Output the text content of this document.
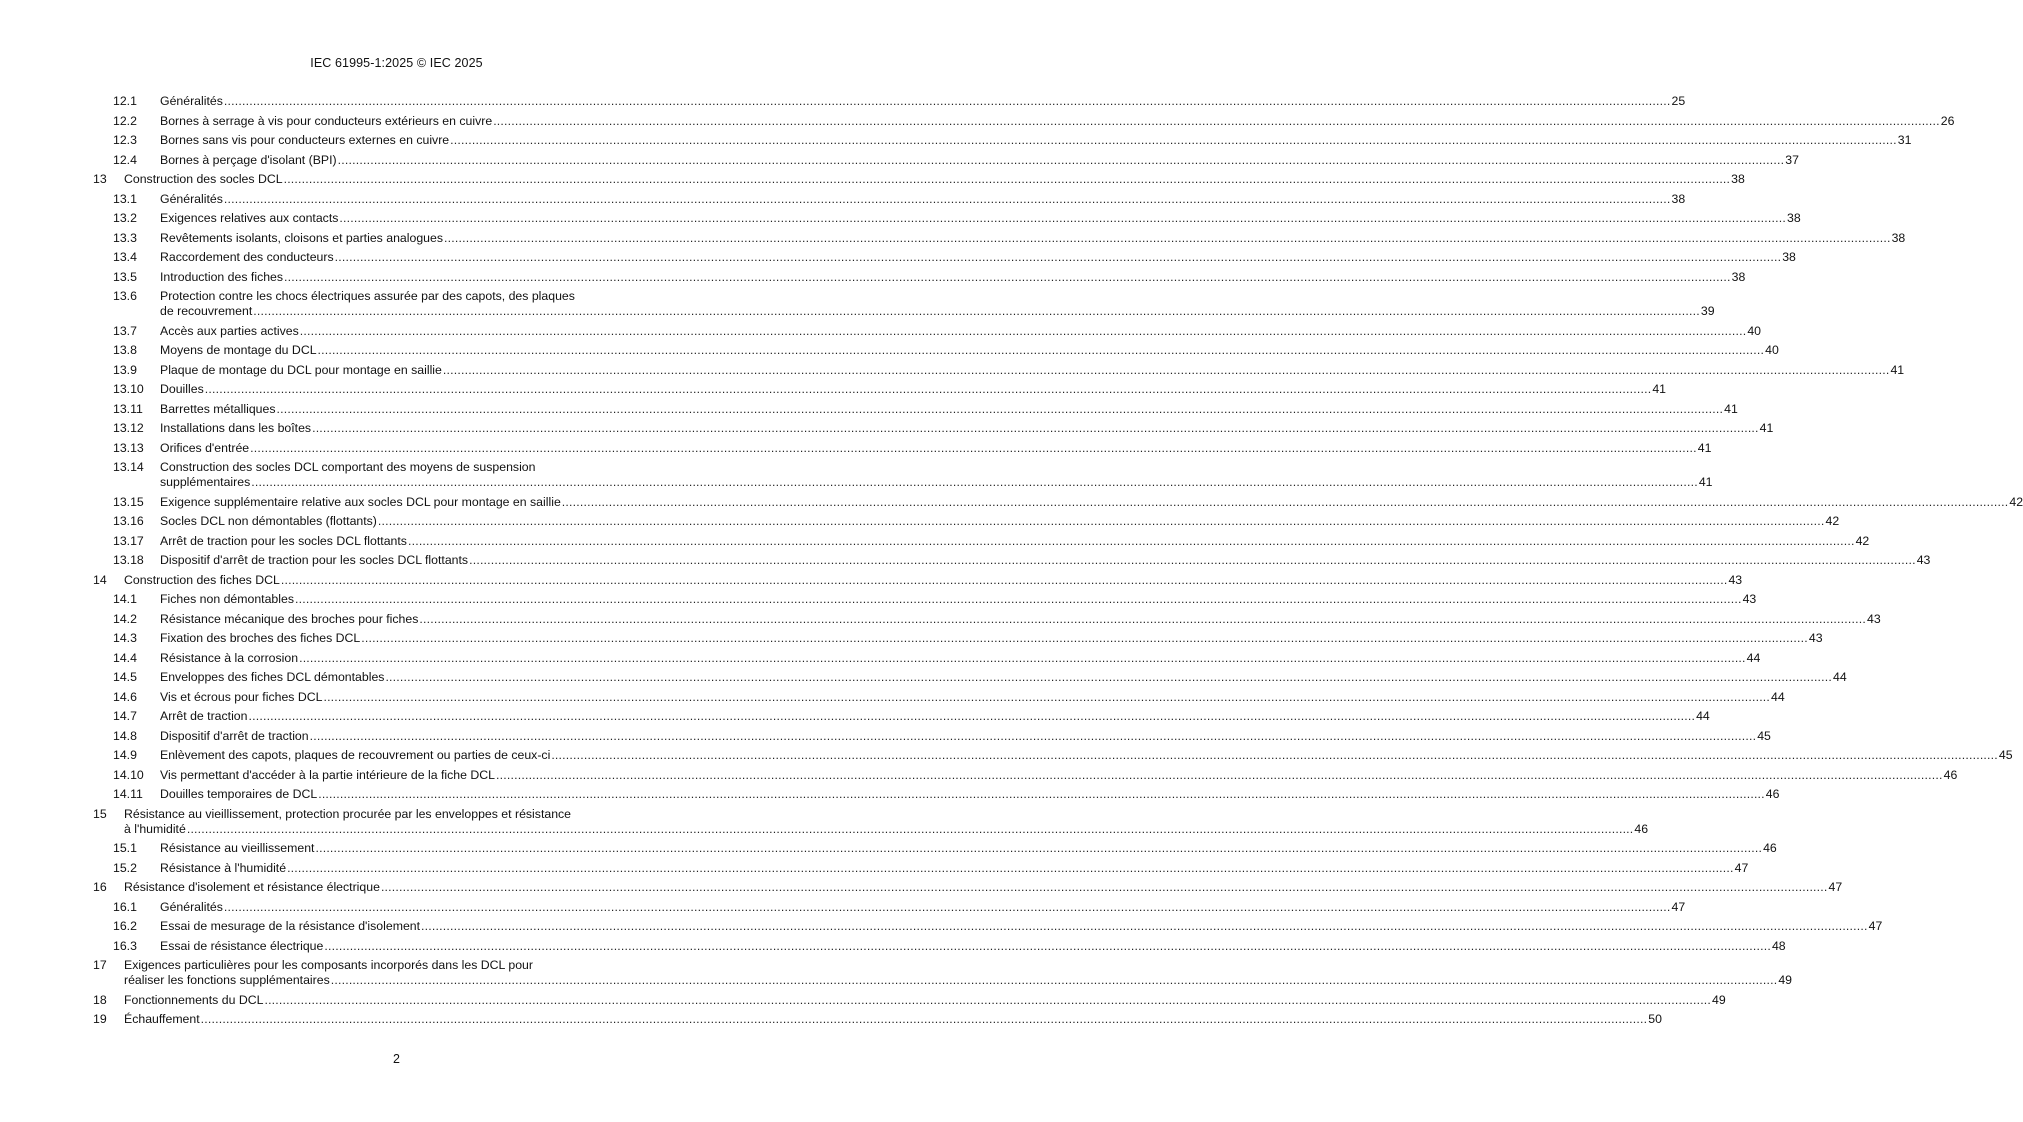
IEC 61995-1:2025 © IEC 2025
12.1 Généralités ................................................................................................................................................................................................................................................................................................................................................................................................................ 25
12.2 Bornes à serrage à vis pour conducteurs extérieurs en cuivre ................................................................................................................................................................................................................................................................................................................................................................................................................ 26
12.3 Bornes sans vis pour conducteurs externes en cuivre ................................................................................................................................................................................................................................................................................................................................................................................................................ 31
12.4 Bornes à perçage d'isolant (BPI) ................................................................................................................................................................................................................................................................................................................................................................................................................ 37
13 Construction des socles DCL ................................................................................................................................................................................................................................................................................................................................................................................................................ 38
13.1 Généralités ................................................................................................................................................................................................................................................................................................................................................................................................................ 38
13.2 Exigences relatives aux contacts ................................................................................................................................................................................................................................................................................................................................................................................................................ 38
13.3 Revêtements isolants, cloisons et parties analogues ................................................................................................................................................................................................................................................................................................................................................................................................................ 38
13.4 Raccordement des conducteurs ................................................................................................................................................................................................................................................................................................................................................................................................................ 38
13.5 Introduction des fiches ................................................................................................................................................................................................................................................................................................................................................................................................................ 38
13.6 Protection contre les chocs électriques assurée par des capots, des plaques
de recouvrement ................................................................................................................................................................................................................................................................................................................................................................................................................ 39
13.7 Accès aux parties actives ................................................................................................................................................................................................................................................................................................................................................................................................................ 40
13.8 Moyens de montage du DCL ................................................................................................................................................................................................................................................................................................................................................................................................................ 40
13.9 Plaque de montage du DCL pour montage en saillie ................................................................................................................................................................................................................................................................................................................................................................................................................ 41
13.10 Douilles ................................................................................................................................................................................................................................................................................................................................................................................................................ 41
13.11 Barrettes métalliques ................................................................................................................................................................................................................................................................................................................................................................................................................ 41
13.12 Installations dans les boîtes ................................................................................................................................................................................................................................................................................................................................................................................................................ 41
13.13 Orifices d'entrée ................................................................................................................................................................................................................................................................................................................................................................................................................ 41
13.14 Construction des socles DCL comportant des moyens de suspension
supplémentaires ................................................................................................................................................................................................................................................................................................................................................................................................................ 41
13.15 Exigence supplémentaire relative aux socles DCL pour montage en saillie ................................................................................................................................................................................................................................................................................................................................................................................................................ 42
13.16 Socles DCL non démontables (flottants) ................................................................................................................................................................................................................................................................................................................................................................................................................ 42
13.17 Arrêt de traction pour les socles DCL flottants ................................................................................................................................................................................................................................................................................................................................................................................................................ 42
13.18 Dispositif d'arrêt de traction pour les socles DCL flottants ................................................................................................................................................................................................................................................................................................................................................................................................................ 43
14 Construction des fiches DCL ................................................................................................................................................................................................................................................................................................................................................................................................................ 43
14.1 Fiches non démontables ................................................................................................................................................................................................................................................................................................................................................................................................................ 43
14.2 Résistance mécanique des broches pour fiches ................................................................................................................................................................................................................................................................................................................................................................................................................ 43
14.3 Fixation des broches des fiches DCL ................................................................................................................................................................................................................................................................................................................................................................................................................ 43
14.4 Résistance à la corrosion ................................................................................................................................................................................................................................................................................................................................................................................................................ 44
14.5 Enveloppes des fiches DCL démontables ................................................................................................................................................................................................................................................................................................................................................................................................................ 44
14.6 Vis et écrous pour fiches DCL ................................................................................................................................................................................................................................................................................................................................................................................................................ 44
14.7 Arrêt de traction ................................................................................................................................................................................................................................................................................................................................................................................................................ 44
14.8 Dispositif d'arrêt de traction ................................................................................................................................................................................................................................................................................................................................................................................................................ 45
14.9 Enlèvement des capots, plaques de recouvrement ou parties de ceux-ci ................................................................................................................................................................................................................................................................................................................................................................................................................ 45
14.10 Vis permettant d'accéder à la partie intérieure de la fiche DCL ................................................................................................................................................................................................................................................................................................................................................................................................................ 46
14.11 Douilles temporaires de DCL ................................................................................................................................................................................................................................................................................................................................................................................................................ 46
15 Résistance au vieillissement, protection procurée par les enveloppes et résistance
à l'humidité ................................................................................................................................................................................................................................................................................................................................................................................................................ 46
15.1 Résistance au vieillissement ................................................................................................................................................................................................................................................................................................................................................................................................................ 46
15.2 Résistance à l'humidité ................................................................................................................................................................................................................................................................................................................................................................................................................ 47
16 Résistance d'isolement et résistance électrique ................................................................................................................................................................................................................................................................................................................................................................................................................ 47
16.1 Généralités ................................................................................................................................................................................................................................................................................................................................................................................................................ 47
16.2 Essai de mesurage de la résistance d'isolement ................................................................................................................................................................................................................................................................................................................................................................................................................ 47
16.3 Essai de résistance électrique ................................................................................................................................................................................................................................................................................................................................................................................................................ 48
17 Exigences particulières pour les composants incorporés dans les DCL pour
réaliser les fonctions supplémentaires ................................................................................................................................................................................................................................................................................................................................................................................................................ 49
18 Fonctionnements du DCL ................................................................................................................................................................................................................................................................................................................................................................................................................ 49
19 Échauffement ................................................................................................................................................................................................................................................................................................................................................................................................................ 50
2
